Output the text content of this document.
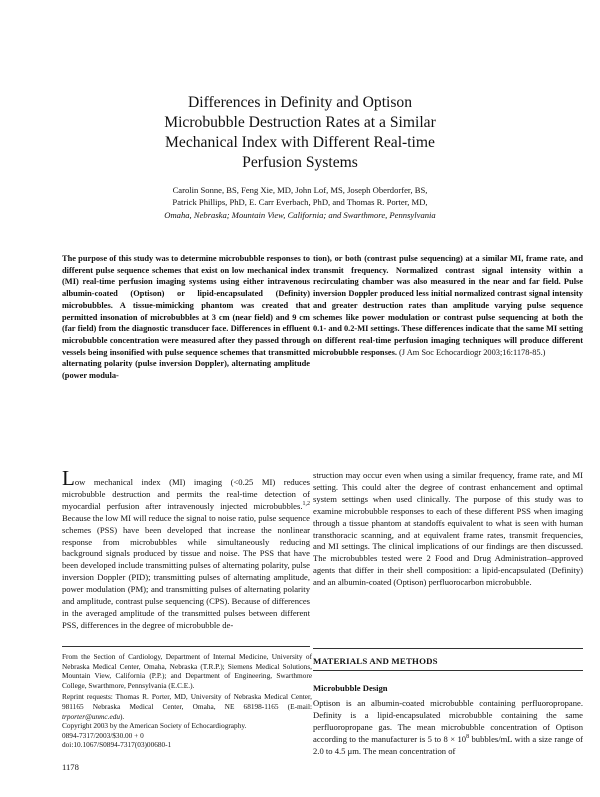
Differences in Definity and Optison
Microbubble Destruction Rates at a Similar
Mechanical Index with Different Real-time
Perfusion Systems
Carolin Sonne, BS, Feng Xie, MD, John Lof, MS, Joseph Oberdorfer, BS,
Patrick Phillips, PhD, E. Carr Everbach, PhD, and Thomas R. Porter, MD,
Omaha, Nebraska; Mountain View, California; and Swarthmore, Pennsylvania
The purpose of this study was to determine microbubble responses to different pulse sequence schemes that exist on low mechanical index (MI) real-time perfusion imaging systems using either intravenous albumin-coated (Optison) or lipid-encapsulated (Definity) microbubbles. A tissue-mimicking phantom was created that permitted insonation of microbubbles at 3 cm (near field) and 9 cm (far field) from the diagnostic transducer face. Differences in effluent microbubble concentration were measured after they passed through vessels being insonified with pulse sequence schemes that transmitted alternating polarity (pulse inversion Doppler), alternating amplitude (power modula-
tion), or both (contrast pulse sequencing) at a similar MI, frame rate, and transmit frequency. Normalized contrast signal intensity within a recirculating chamber was also measured in the near and far field. Pulse inversion Doppler produced less initial normalized contrast signal intensity and greater destruction rates than amplitude varying pulse sequence schemes like power modulation or contrast pulse sequencing at both the 0.1- and 0.2-MI settings. These differences indicate that the same MI setting on different real-time perfusion imaging techniques will produce different microbubble responses. (J Am Soc Echocardiogr 2003;16:1178-85.)
Low mechanical index (MI) imaging (<0.25 MI) reduces microbubble destruction and permits the real-time detection of myocardial perfusion after intravenously injected microbubbles.$^{1,2}$ Because the low MI will reduce the signal to noise ratio, pulse sequence schemes (PSS) have been developed that increase the nonlinear response from microbubbles while simultaneously reducing background signals produced by tissue and noise. The PSS that have been developed include transmitting pulses of alternating polarity, pulse inversion Doppler (PID); transmitting pulses of alternating amplitude, power modulation (PM); and transmitting pulses of alternating polarity and amplitude, contrast pulse sequencing (CPS). Because of differences in the averaged amplitude of the transmitted pulses between different PSS, differences in the degree of microbubble de-
struction may occur even when using a similar frequency, frame rate, and MI setting. This could alter the degree of contrast enhancement and optimal system settings when used clinically. The purpose of this study was to examine microbubble responses to each of these different PSS when imaging through a tissue phantom at standoffs equivalent to what is seen with human transthoracic scanning, and at equivalent frame rates, transmit frequencies, and MI settings. The clinical implications of our findings are then discussed. The microbubbles tested were 2 Food and Drug Administration–approved agents that differ in their shell composition: a lipid-encapsulated (Definity) and an albumin-coated (Optison) perfluorocarbon microbubble.

From the Section of Cardiology, Department of Internal Medicine, University of Nebraska Medical Center, Omaha, Nebraska (T.R.P.); Siemens Medical Solutions, Mountain View, California (P.P.); and Department of Engineering, Swarthmore College, Swarthmore, Pennsylvania (E.C.E.).

Reprint requests: Thomas R. Porter, MD, University of Nebraska Medical Center, 981165 Nebraska Medical Center, Omaha, NE 68198-1165 (E-mail: trporter@unmc.edu).

Copyright 2003 by the American Society of Echocardiography.

0894-7317/2003/$30.00 + 0

doi:10.1067/S0894-7317(03)00680-1

MATERIALS AND METHODS
Microbubble Design
Optison is an albumin-coated microbubble containing perfluoropropane. Definity is a lipid-encapsulated microbubble containing the same perfluoropropane gas. The mean microbubble concentration of Optison according to the manufacturer is 5 to $8 \times 10^8$ bubbles/mL with a size range of 2.0 to 4.5 μm. The mean concentration of
1178
